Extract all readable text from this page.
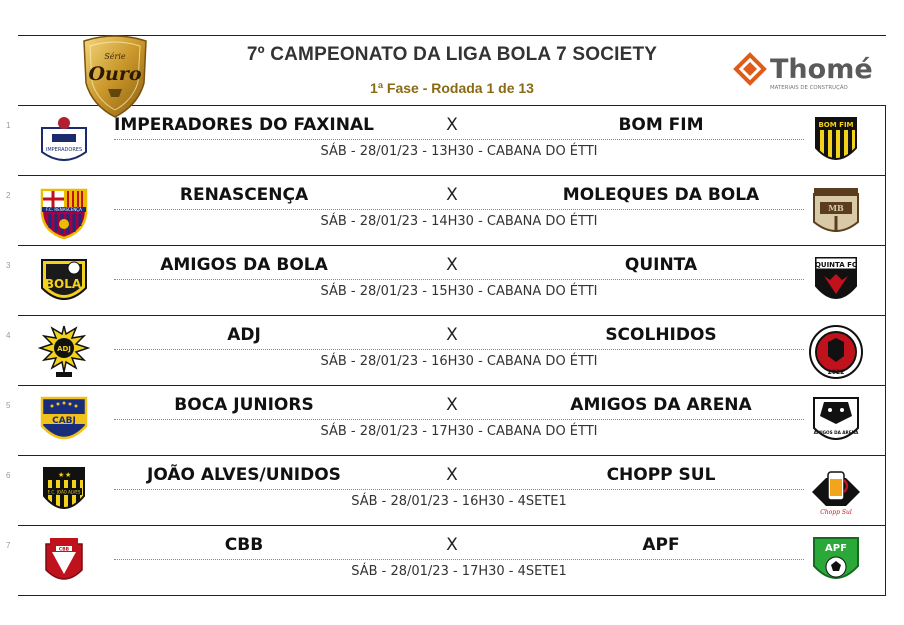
Série
Ouro
7º CAMPEONATO DA LIGA BOLA 7 SOCIETY
1ª Fase - Rodada 1 de 13
Thomé
MATERIAIS DE CONSTRUÇÃO
1
IMPERADORES
IMPERADORES DO FAXINAL	X	BOM FIM
SÁB - 28/01/23 - 13H30 - CABANA DO ÉTTI
BOM FIM
2
F.C. RENASCENÇA
RENASCENÇA	X	MOLEQUES DA BOLA
SÁB - 28/01/23 - 14H30 - CABANA DO ÉTTI
MB
3
BOLA
AMIGOS DA BOLA	X	QUINTA
SÁB - 28/01/23 - 15H30 - CABANA DO ÉTTI
QUINTA FC
4
ADJ
ADJ	X	SCOLHIDOS
SÁB - 28/01/23 - 16H30 - CABANA DO ÉTTI
2022
5
CABJ
BOCA JUNIORS	X	AMIGOS DA ARENA
SÁB - 28/01/23 - 17H30 - CABANA DO ÉTTI	AMIGOS DA ARENA
6	★ ★
E.C. JOÃO ALVES
JOÃO ALVES/UNIDOS	X	CHOPP SUL
SÁB - 28/01/23 - 16H30 - 4SETE1
Chopp Sul
7	CBB	CBB	X	APF
SÁB - 28/01/23 - 17H30 - 4SETE1
APF
